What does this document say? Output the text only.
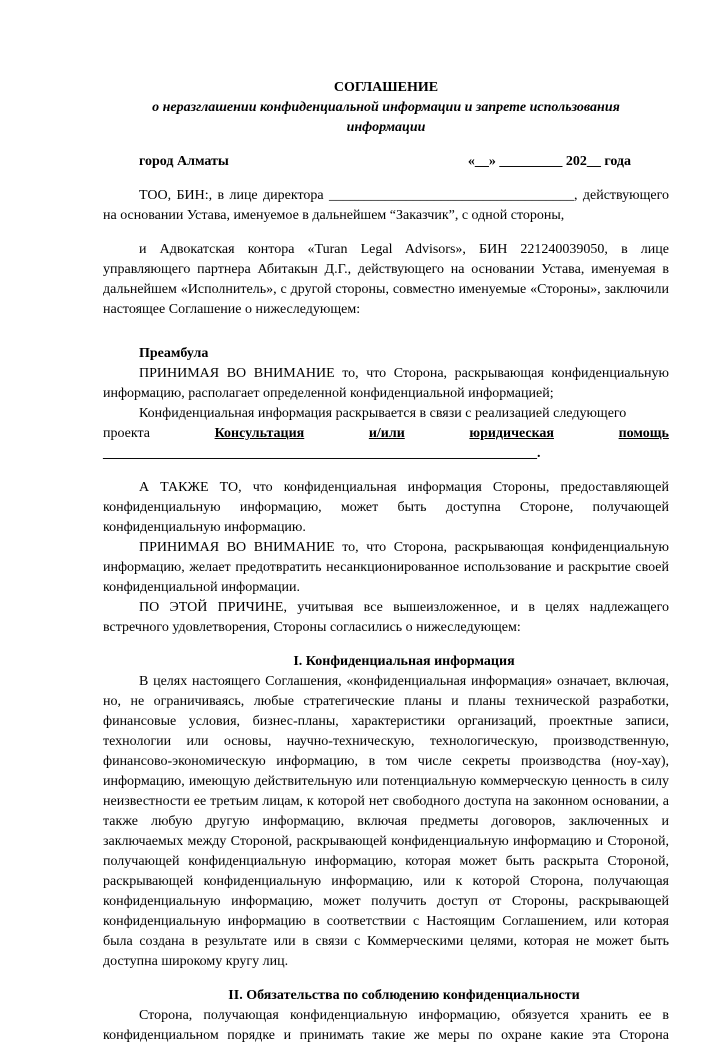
СОГЛАШЕНИЕ

о неразглашении конфиденциальной информации и запрете использования

информации

город Алматы	«__» _________ 202__ года

ТОО, БИН:, в лице директора ___________________________________, действующего на основании Устава, именуемое в дальнейшем “Заказчик”, с одной стороны,

и Адвокатская контора «Turan Legal Advisors», БИН 221240039050, в лице управляющего партнера Абитакын Д.Г., действующего на основании Устава, именуемая в дальнейшем «Исполнитель», с другой стороны, совместно именуемые «Стороны», заключили настоящее Соглашение о нижеследующем:

Преамбула

ПРИНИМАЯ ВО ВНИМАНИЕ то, что Сторона, раскрывающая конфиденциальную информацию, располагает определенной конфиденциальной информацией;

Конфиденциальная информация раскрывается в связи с реализацией следующего

проекта	Консультация	и/или	юридическая	помощь
______________________________________________________________.

А ТАКЖЕ ТО, что конфиденциальная информация Стороны, предоставляющей конфиденциальную информацию, может быть доступна Стороне, получающей конфиденциальную информацию.

ПРИНИМАЯ ВО ВНИМАНИЕ то, что Сторона, раскрывающая конфиденциальную информацию, желает предотвратить несанкционированное использование и раскрытие своей конфиденциальной информации.

ПО ЭТОЙ ПРИЧИНЕ, учитывая все вышеизложенное, и в целях надлежащего встречного удовлетворения, Стороны согласились о нижеследующем:

I. Конфиденциальная информация

В целях настоящего Соглашения, «конфиденциальная информация» означает, включая, но, не ограничиваясь, любые стратегические планы и планы технической разработки, финансовые условия, бизнес-планы, характеристики организаций, проектные записи, технологии или основы, научно-техническую, технологическую, производственную, финансово-экономическую информацию, в том числе секреты производства (ноу-хау), информацию, имеющую действительную или потенциальную коммерческую ценность в силу неизвестности ее третьим лицам, к которой нет свободного доступа на законном основании, а также любую другую информацию, включая предметы договоров, заключенных и заключаемых между Стороной, раскрывающей конфиденциальную информацию и Стороной, получающей конфиденциальную информацию, которая может быть раскрыта Стороной, раскрывающей конфиденциальную информацию, или к которой Сторона, получающая конфиденциальную информацию, может получить доступ от Стороны, раскрывающей конфиденциальную информацию в соответствии с Настоящим Соглашением, или которая была создана в результате или в связи с Коммерческими целями, которая не может быть доступна широкому кругу лиц.

II. Обязательства по соблюдению конфиденциальности

Сторона, получающая конфиденциальную информацию, обязуется хранить ее в конфиденциальном порядке и принимать такие же меры по охране какие эта Сторона
